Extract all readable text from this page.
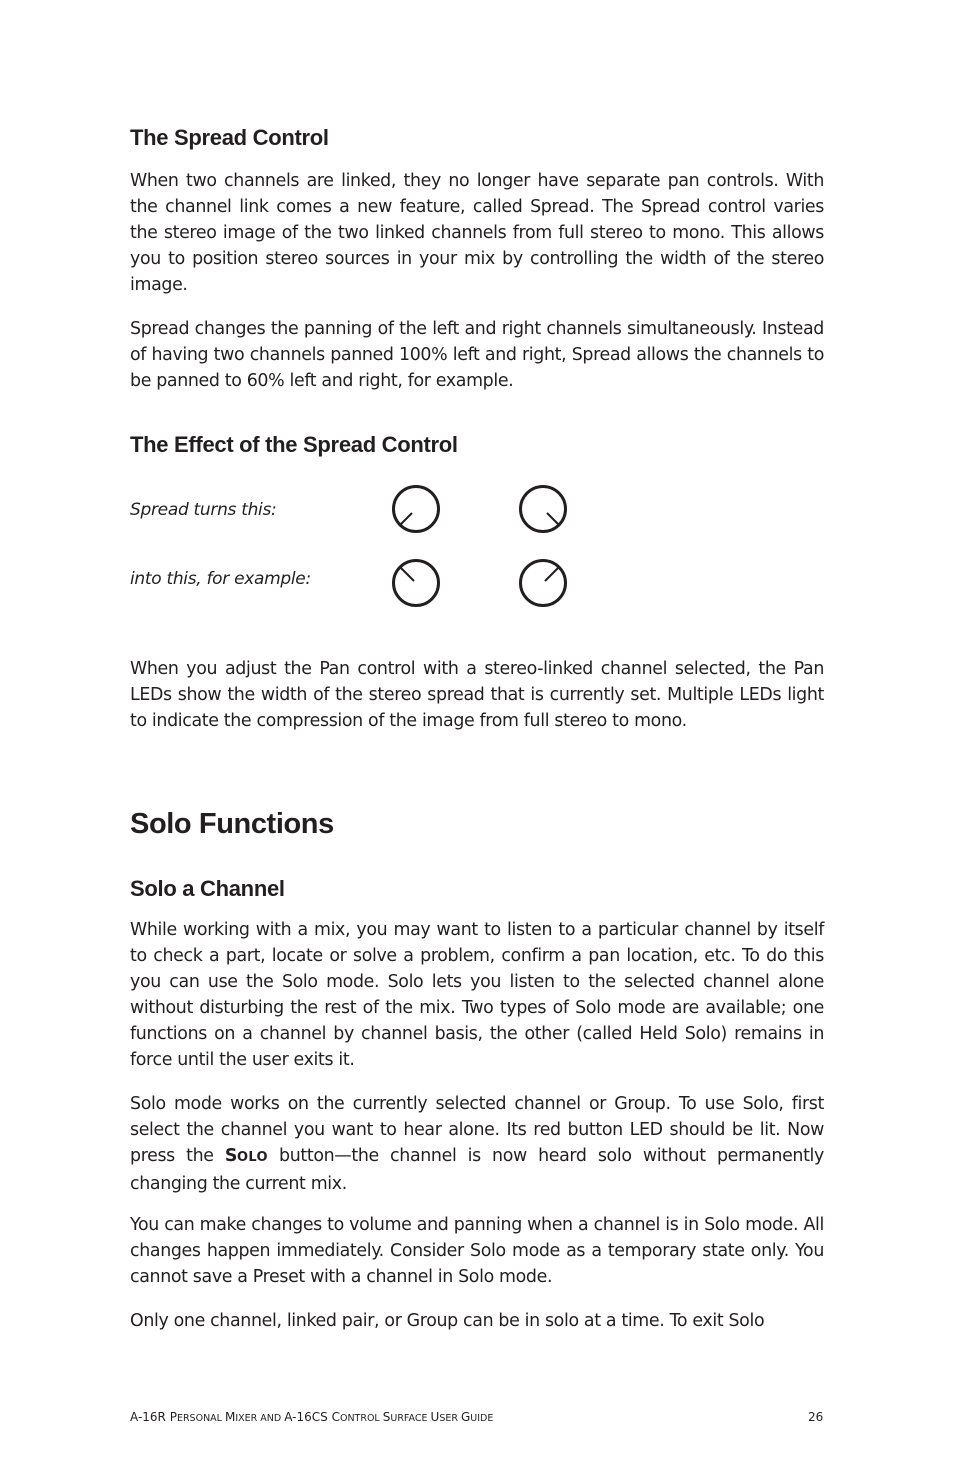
The Spread Control

When two channels are linked, they no longer have separate pan controls. With the channel link comes a new feature, called Spread. The Spread control varies the stereo image of the two linked channels from full stereo to mono. This allows you to position stereo sources in your mix by controlling the width of the stereo image.

Spread changes the panning of the left and right channels simultaneously. Instead of having two channels panned 100% left and right, Spread allows the channels to be panned to 60% left and right, for example.

The Effect of the Spread Control
Spread turns this:
into this, for example:

When you adjust the Pan control with a stereo-linked channel selected, the Pan LEDs show the width of the stereo spread that is currently set. Multiple LEDs light to indicate the compression of the image from full stereo to mono.

Solo Functions
Solo a Channel

While working with a mix, you may want to listen to a particular channel by itself to check a part, locate or solve a problem, confirm a pan location, etc. To do this you can use the Solo mode. Solo lets you listen to the selected channel alone without disturbing the rest of the mix. Two types of Solo mode are available; one functions on a channel by channel basis, the other (called Held Solo) remains in force until the user exits it.

Solo mode works on the currently selected channel or Group. To use Solo, first select the channel you want to hear alone. Its red button LED should be lit. Now press the SOLO button—the channel is now heard solo without permanently changing the current mix.

You can make changes to volume and panning when a channel is in Solo mode. All changes happen immediately. Consider Solo mode as a temporary state only. You cannot save a Preset with a channel in Solo mode.

Only one channel, linked pair, or Group can be in solo at a time. To exit Solo

A-16R PERSONAL MIXER AND A-16CS CONTROL SURFACE USER GUIDE	26
